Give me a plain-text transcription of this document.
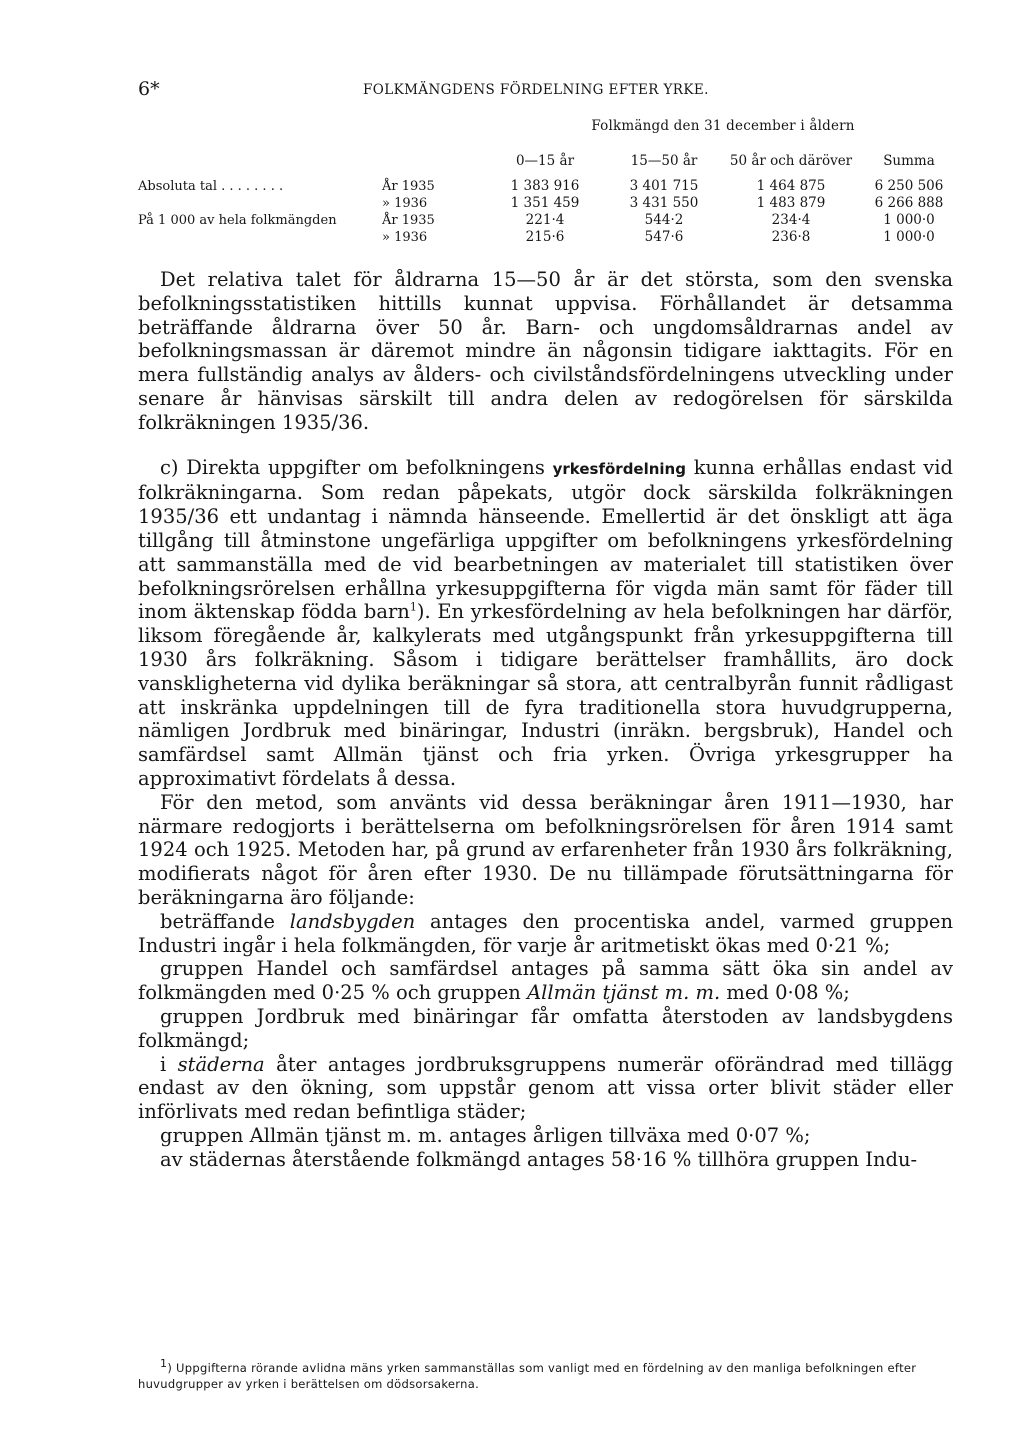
6*	FOLKMÄNGDENS FÖRDELNING EFTER YRKE.
		Folkmängd den 31 december i åldern			
		0—15 år	15—50 år	50 år och däröver	Summa
Absoluta tal . . . . . . . .	År 1935	1 383 916	3 401 715	1 464 875	6 250 506
	» 1936	1 351 459	3 431 550	1 483 879	6 266 888
På 1 000 av hela folkmängden	År 1935	221·4	544·2	234·4	1 000·0
	» 1936	215·6	547·6	236·8	1 000·0

Det relativa talet för åldrarna 15—50 år är det största, som den svenska befolkningsstatistiken hittills kunnat uppvisa. Förhållandet är detsamma beträffande åldrarna över 50 år. Barn- och ungdomsåldrarnas andel av befolkningsmassan är däremot mindre än någonsin tidigare iakttagits. För en mera fullständig analys av ålders- och civilståndsfördelningens utveckling under senare år hänvisas särskilt till andra delen av redogörelsen för särskilda folkräkningen 1935/36.

c) Direkta uppgifter om befolkningens yrkesfördelning kunna erhållas endast vid folkräkningarna. Som redan påpekats, utgör dock särskilda folkräkningen 1935/36 ett undantag i nämnda hänseende. Emellertid är det önskligt att äga tillgång till åtminstone ungefärliga uppgifter om befolkningens yrkesfördelning att sammanställa med de vid bearbetningen av materialet till statistiken över befolkningsrörelsen erhållna yrkesuppgifterna för vigda män samt för fäder till inom äktenskap födda barn$^1$). En yrkesfördelning av hela befolkningen har därför, liksom föregående år, kalkylerats med utgångspunkt från yrkesuppgifterna till 1930 års folkräkning. Såsom i tidigare berättelser framhållits, äro dock vanskligheterna vid dylika beräkningar så stora, att centralbyrån funnit rådligast att inskränka uppdelningen till de fyra traditionella stora huvudgrupperna, nämligen Jordbruk med binäringar, Industri (inräkn. bergsbruk), Handel och samfärdsel samt Allmän tjänst och fria yrken. Övriga yrkesgrupper ha approximativt fördelats å dessa.

För den metod, som använts vid dessa beräkningar åren 1911—1930, har närmare redogjorts i berättelserna om befolkningsrörelsen för åren 1914 samt 1924 och 1925. Metoden har, på grund av erfarenheter från 1930 års folkräkning, modifierats något för åren efter 1930. De nu tillämpade förutsättningarna för beräkningarna äro följande:

beträffande landsbygden antages den procentiska andel, varmed gruppen Industri ingår i hela folkmängden, för varje år aritmetiskt ökas med 0·21 %;

gruppen Handel och samfärdsel antages på samma sätt öka sin andel av folkmängden med 0·25 % och gruppen Allmän tjänst m. m. med 0·08 %;

gruppen Jordbruk med binäringar får omfatta återstoden av landsbygdens folkmängd;

i städerna åter antages jordbruksgruppens numerär oförändrad med tillägg endast av den ökning, som uppstår genom att vissa orter blivit städer eller införlivats med redan befintliga städer;

gruppen Allmän tjänst m. m. antages årligen tillväxa med 0·07 %;

av städernas återstående folkmängd antages 58·16 % tillhöra gruppen Indu-

$^1$) Uppgifterna rörande avlidna mäns yrken sammanställas som vanligt med en fördelning av den manliga befolkningen efter huvudgrupper av yrken i berättelsen om dödsorsakerna.
